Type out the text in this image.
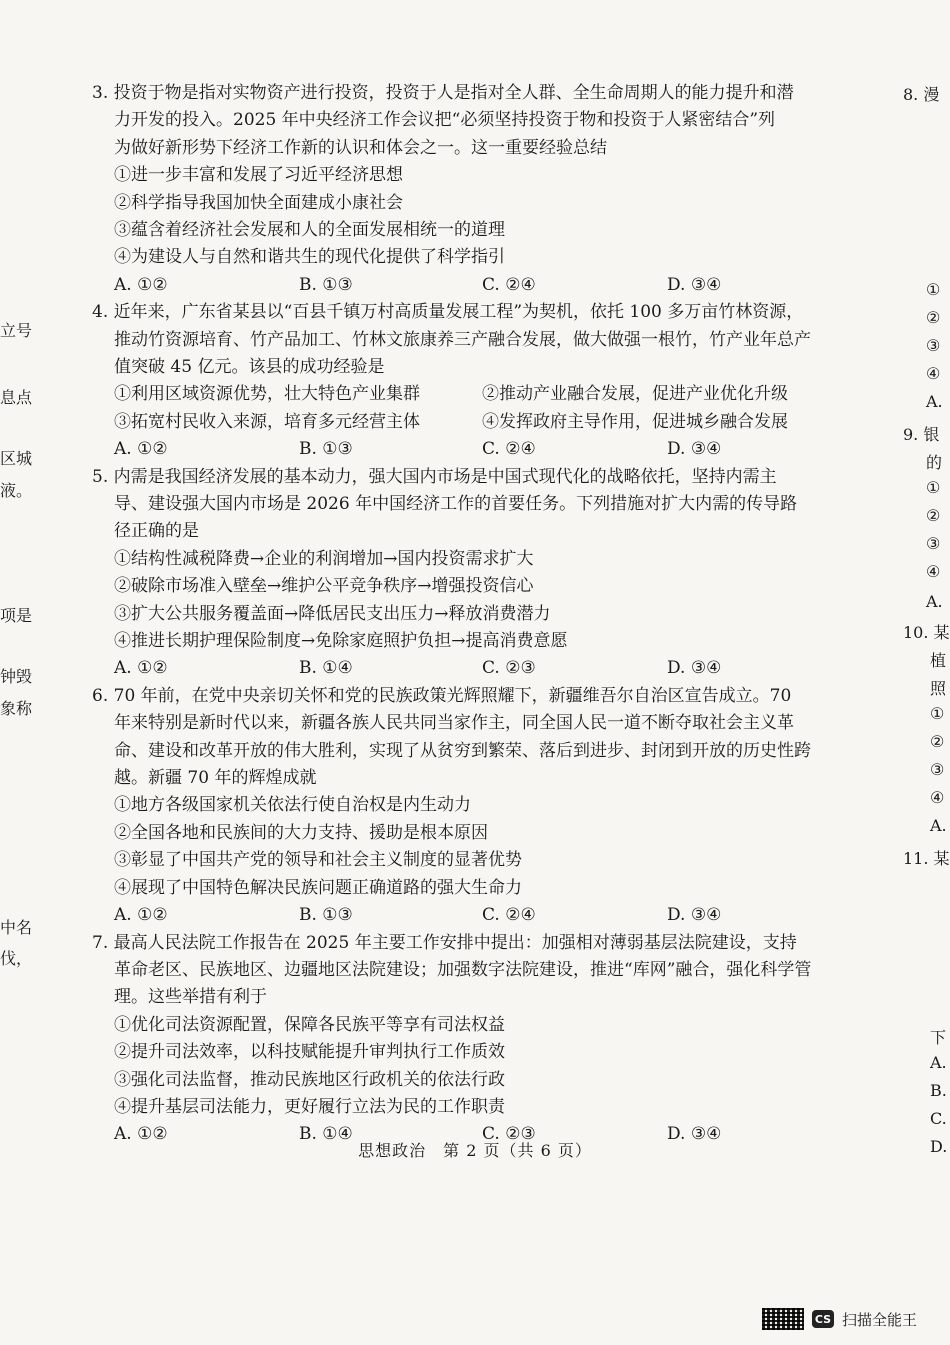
3. 投资于物是指对实物资产进行投资，投资于人是指对全人群、全生命周期人的能力提升和潜
力开发的投入。2025 年中央经济工作会议把“必须坚持投资于物和投资于人紧密结合”列
为做好新形势下经济工作新的认识和体会之一。这一重要经验总结
①进一步丰富和发展了习近平经济思想
②科学指导我国加快全面建成小康社会
③蕴含着经济社会发展和人的全面发展相统一的道理
④为建设人与自然和谐共生的现代化提供了科学指引
A. ①②	B. ①③	C. ②④	D. ③④
4. 近年来，广东省某县以“百县千镇万村高质量发展工程”为契机，依托 100 多万亩竹林资源，
推动竹资源培育、竹产品加工、竹林文旅康养三产融合发展，做大做强一根竹，竹产业年总产
值突破 45 亿元。该县的成功经验是
①利用区域资源优势，壮大特色产业集群	②推动产业融合发展，促进产业优化升级
③拓宽村民收入来源，培育多元经营主体	④发挥政府主导作用，促进城乡融合发展
A. ①②	B. ①③	C. ②④	D. ③④
5. 内需是我国经济发展的基本动力，强大国内市场是中国式现代化的战略依托，坚持内需主
导、建设强大国内市场是 2026 年中国经济工作的首要任务。下列措施对扩大内需的传导路
径正确的是
①结构性减税降费→企业的利润增加→国内投资需求扩大
②破除市场准入壁垒→维护公平竞争秩序→增强投资信心
③扩大公共服务覆盖面→降低居民支出压力→释放消费潜力
④推进长期护理保险制度→免除家庭照护负担→提高消费意愿
A. ①②	B. ①④	C. ②③	D. ③④
6. 70 年前，在党中央亲切关怀和党的民族政策光辉照耀下，新疆维吾尔自治区宣告成立。70
年来特别是新时代以来，新疆各族人民共同当家作主，同全国人民一道不断夺取社会主义革
命、建设和改革开放的伟大胜利，实现了从贫穷到繁荣、落后到进步、封闭到开放的历史性跨
越。新疆 70 年的辉煌成就
①地方各级国家机关依法行使自治权是内生动力
②全国各地和民族间的大力支持、援助是根本原因
③彰显了中国共产党的领导和社会主义制度的显著优势
④展现了中国特色解决民族问题正确道路的强大生命力
A. ①②	B. ①③	C. ②④	D. ③④
7. 最高人民法院工作报告在 2025 年主要工作安排中提出：加强相对薄弱基层法院建设，支持
革命老区、民族地区、边疆地区法院建设；加强数字法院建设，推进“库网”融合，强化科学管
理。这些举措有利于
①优化司法资源配置，保障各民族平等享有司法权益
②提升司法效率，以科技赋能提升审判执行工作质效
③强化司法监督，推动民族地区行政机关的依法行政
④提升基层司法能力，更好履行立法为民的工作职责
A. ①②	B. ①④	C. ②③	D. ③④
思想政治　第 2 页（共 6 页）
立号
息点
区城
液。
项是
钟毁
象称
中名
伐，
8. 漫
①
②
③
④
A.
9. 银
的
①
②
③
④
A.
10. 某
植
照
①
②
③
④
A.
11. 某
下
A.
B.
C.
D.
CS 扫描全能王
